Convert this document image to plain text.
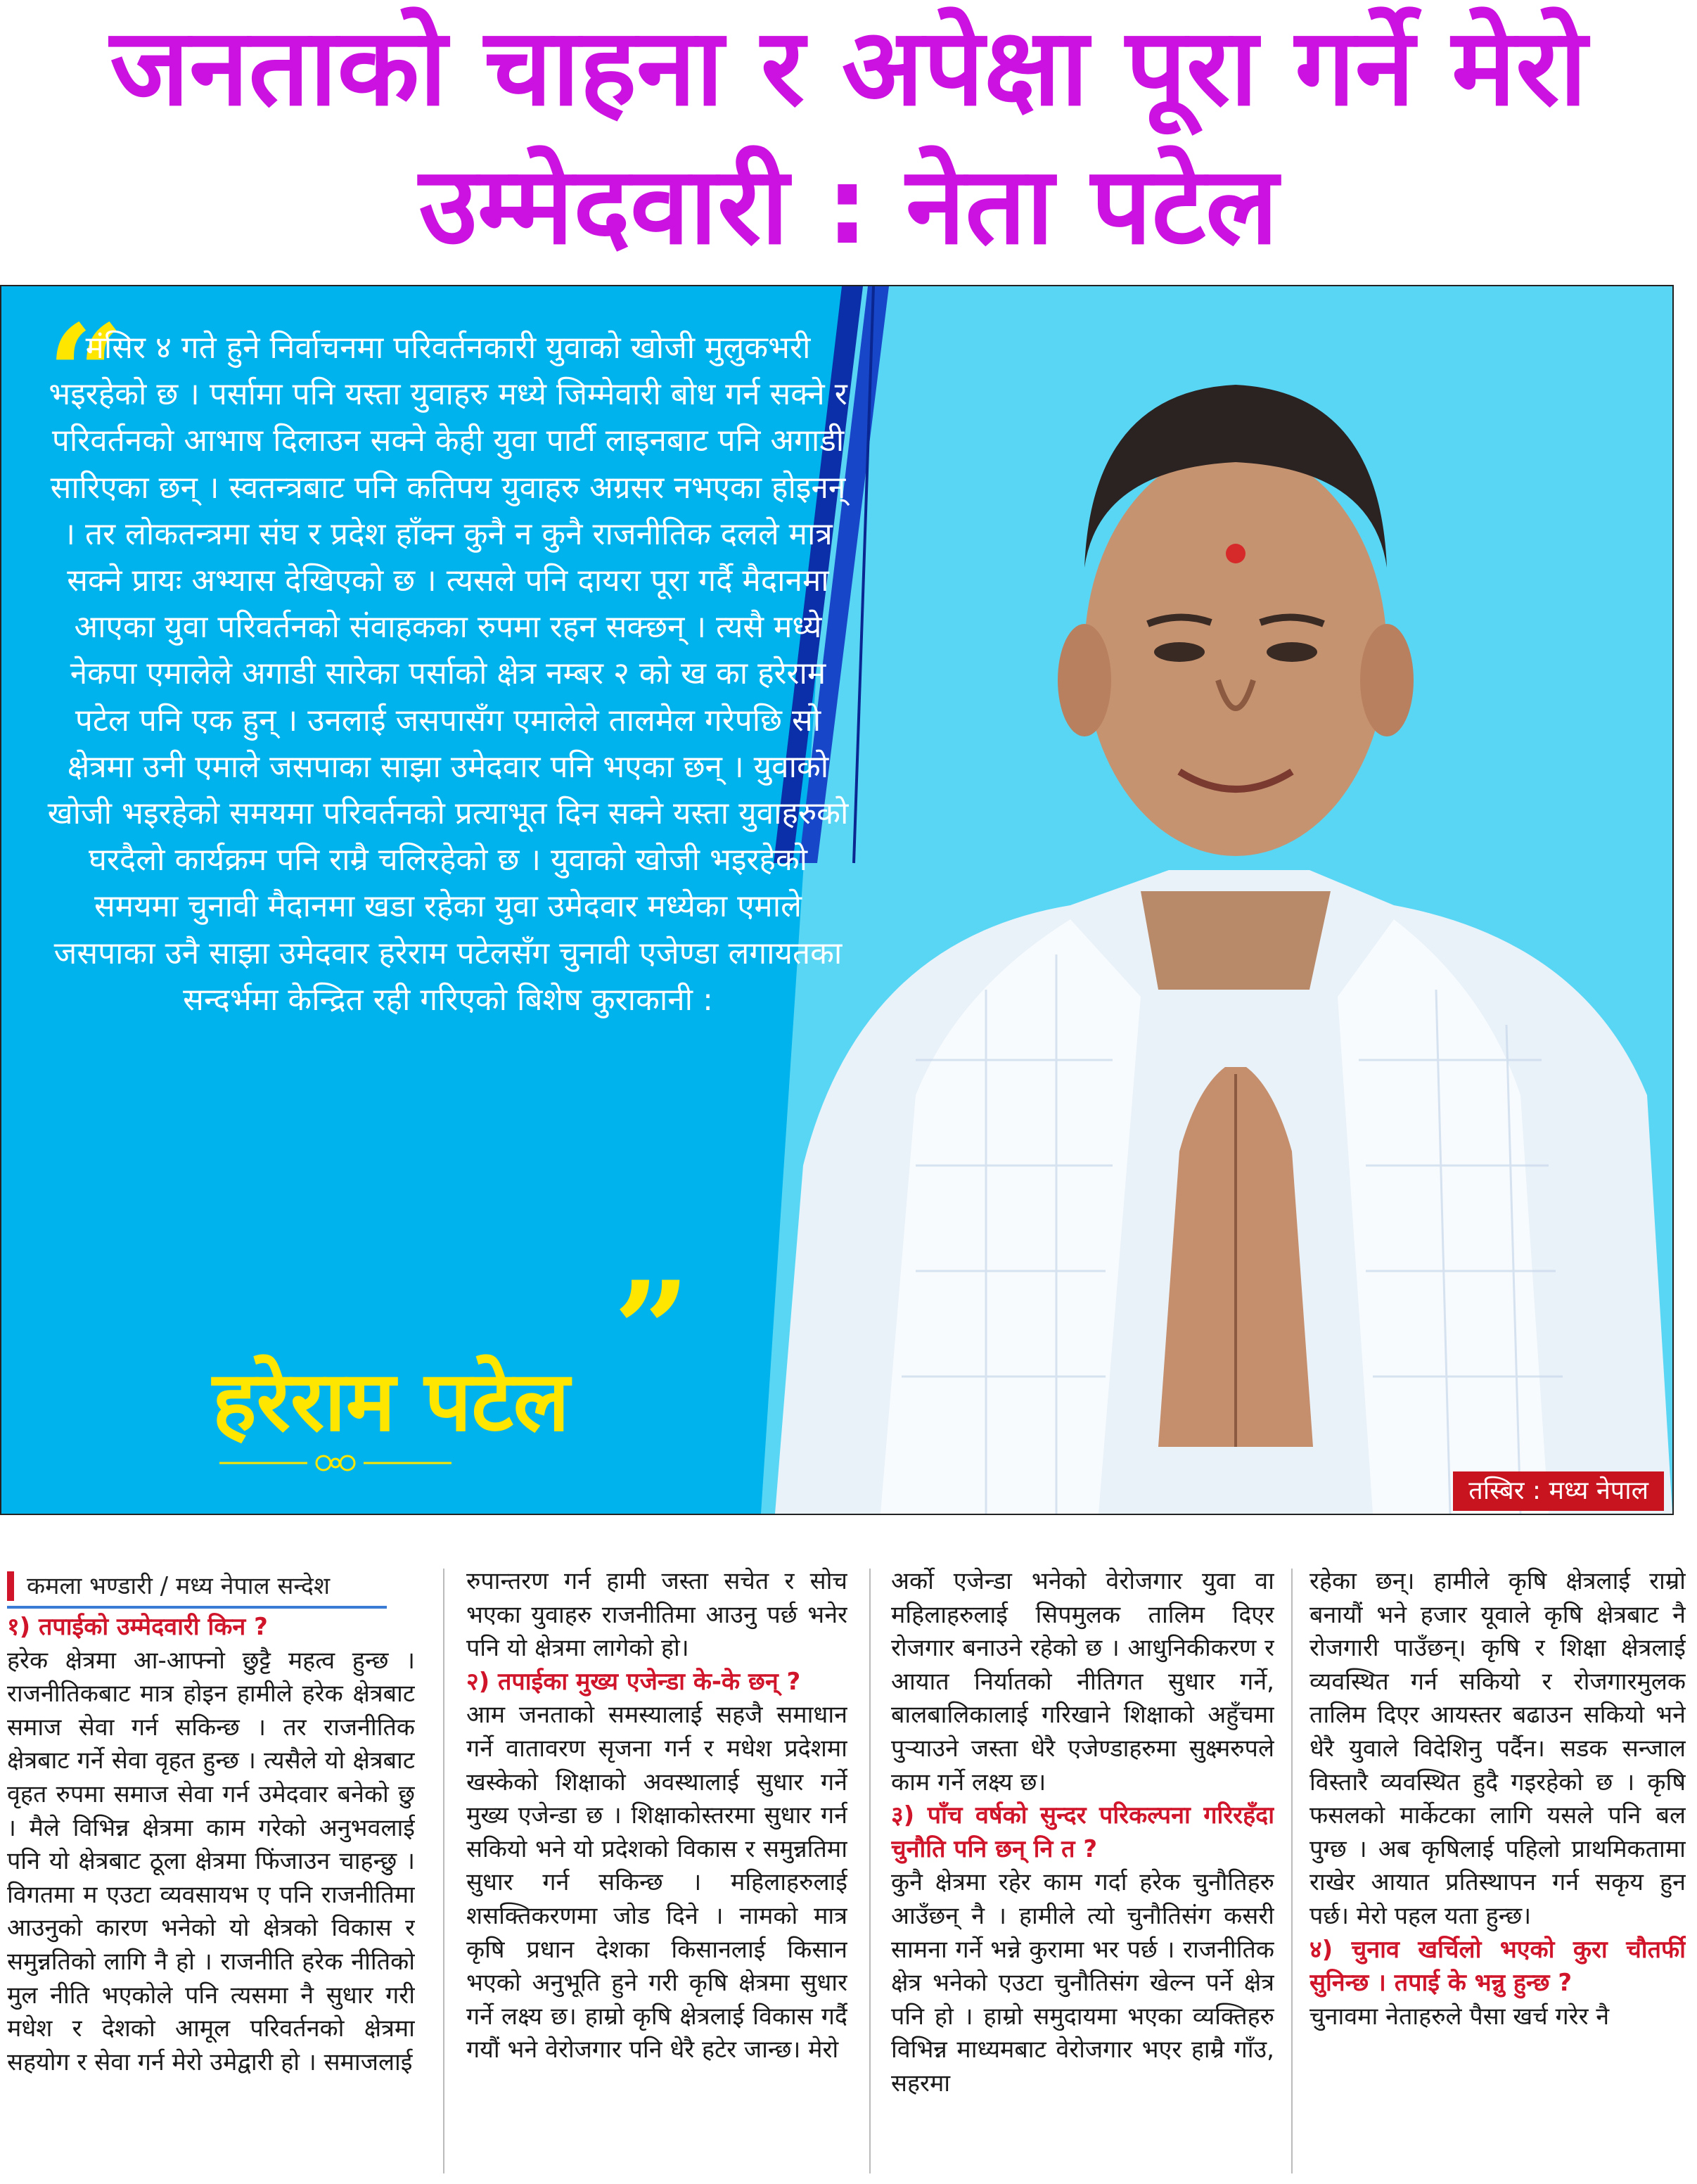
जनताको चाहना र अपेक्षा पूरा गर्ने मेरो
उम्मेदवारी : नेता पटेल
“
मंसिर ४ गते हुने निर्वाचनमा परिवर्तनकारी युवाको खोजी मुलुकभरी भइरहेको छ । पर्सामा पनि यस्ता युवाहरु मध्ये जिम्मेवारी बोध गर्न सक्ने र परिवर्तनको आभाष दिलाउन सक्ने केही युवा पार्टी लाइनबाट पनि अगाडी सारिएका छन् । स्वतन्त्रबाट पनि कतिपय युवाहरु अग्रसर नभएका होइनन् । तर लोकतन्त्रमा संघ र प्रदेश हाँक्न कुनै न कुनै राजनीतिक दलले मात्र सक्ने प्रायः अभ्यास देखिएको छ । त्यसले पनि दायरा पूरा गर्दै मैदानमा आएका युवा परिवर्तनको संवाहकका रुपमा रहन सक्छन् । त्यसै मध्ये नेकपा एमालेले अगाडी सारेका पर्साको क्षेत्र नम्बर २ को ख का हरेराम पटेल पनि एक हुन् । उनलाई जसपासँग एमालेले तालमेल गरेपछि सो क्षेत्रमा उनी एमाले जसपाका साझा उमेदवार पनि भएका छन् । युवाको खोजी भइरहेको समयमा परिवर्तनको प्रत्याभूत दिन सक्ने यस्ता युवाहरुको घरदैलो कार्यक्रम पनि राम्रै चलिरहेको छ । युवाको खोजी भइरहेको समयमा चुनावी मैदानमा खडा रहेका युवा उमेदवार मध्येका एमाले जसपाका उनै साझा उमेदवार हरेराम पटेलसँग चुनावी एजेण्डा लगायतका सन्दर्भमा केन्द्रित रही गरिएको बिशेष कुराकानी :
”
हरेराम पटेल
तस्बिर : मध्य नेपाल
कमला भण्डारी / मध्य नेपाल सन्देश

१) तपाईको उम्मेदवारी किन ?

हरेक क्षेत्रमा आ-आफ्नो छुट्टै महत्व हुन्छ । राजनीतिकबाट मात्र होइन हामीले हरेक क्षेत्रबाट समाज सेवा गर्न सकिन्छ । तर राजनीतिक क्षेत्रबाट गर्ने सेवा वृहत हुन्छ । त्यसैले यो क्षेत्रबाट वृहत रुपमा समाज सेवा गर्न उमेदवार बनेको छु । मैले विभिन्न क्षेत्रमा काम गरेको अनुभवलाई पनि यो क्षेत्रबाट ठूला क्षेत्रमा फिंजाउन चाहन्छु । विगतमा म एउटा व्यवसायभ ए पनि राजनीतिमा आउनुको कारण भनेको यो क्षेत्रको विकास र समुन्नतिको लागि नै हो । राजनीति हरेक नीतिको मुल नीति भएकोले पनि त्यसमा नै सुधार गरी मधेश र देशको आमूल परिवर्तनको क्षेत्रमा सहयोग र सेवा गर्न मेरो उमेद्वारी हो । समाजलाई

रुपान्तरण गर्न हामी जस्ता सचेत र सोच भएका युवाहरु राजनीतिमा आउनु पर्छ भनेर पनि यो क्षेत्रमा लागेको हो।

२) तपाईका मुख्य एजेन्डा के-के छन् ?

आम जनताको समस्यालाई सहजै समाधान गर्ने वातावरण सृजना गर्न र मधेश प्रदेशमा खस्केको शिक्षाको अवस्थालाई सुधार गर्ने मुख्य एजेन्डा छ । शिक्षाकोस्तरमा सुधार गर्न सकियो भने यो प्रदेशको विकास र समुन्नतिमा सुधार गर्न सकिन्छ । महिलाहरुलाई शसक्तिकरणमा जोड दिने । नामको मात्र कृषि प्रधान देशका किसानलाई किसान भएको अनुभूति हुने गरी कृषि क्षेत्रमा सुधार गर्ने लक्ष्य छ। हाम्रो कृषि क्षेत्रलाई विकास गर्दै गयौं भने वेरोजगार पनि धेरै हटेर जान्छ। मेरो

अर्को एजेन्डा भनेको वेरोजगार युवा वा महिलाहरुलाई सिपमुलक तालिम दिएर रोजगार बनाउने रहेको छ । आधुनिकीकरण र आयात निर्यातको नीतिगत सुधार गर्ने, बालबालिकालाई गरिखाने शिक्षाको अहुँचमा पुऱ्याउने जस्ता धेरै एजेण्डाहरुमा सुक्ष्मरुपले काम गर्ने लक्ष्य छ।

३) पाँच वर्षको सुन्दर परिकल्पना गरिरहँदा चुनौति पनि छन् नि त ?

कुनै क्षेत्रमा रहेर काम गर्दा हरेक चुनौतिहरु आउँछन् नै । हामीले त्यो चुनौतिसंग कसरी सामना गर्ने भन्ने कुरामा भर पर्छ । राजनीतिक क्षेत्र भनेको एउटा चुनौतिसंग खेल्न पर्ने क्षेत्र पनि हो । हाम्रो समुदायमा भएका व्यक्तिहरु विभिन्न माध्यमबाट वेरोजगार भएर हाम्रै गाँउ, सहरमा

रहेका छन्। हामीले कृषि क्षेत्रलाई राम्रो बनायौं भने हजार यूवाले कृषि क्षेत्रबाट नै रोजगारी पाउँछन्। कृषि र शिक्षा क्षेत्रलाई व्यवस्थित गर्न सकियो र रोजगारमुलक तालिम दिएर आयस्तर बढाउन सकियो भने धेरै युवाले विदेशिनु पर्दैन। सडक सन्जाल विस्तारै व्यवस्थित हुदै गइरहेको छ । कृषि फसलको मार्केटका लागि यसले पनि बल पुग्छ । अब कृषिलाई पहिलो प्राथमिकतामा राखेर आयात प्रतिस्थापन गर्न सकृय हुन पर्छ। मेरो पहल यता हुन्छ।

४) चुनाव खर्चिलो भएको कुरा चौतर्फी सुनिन्छ । तपाई के भन्नु हुन्छ ?

चुनावमा नेताहरुले पैसा खर्च गरेर नै
